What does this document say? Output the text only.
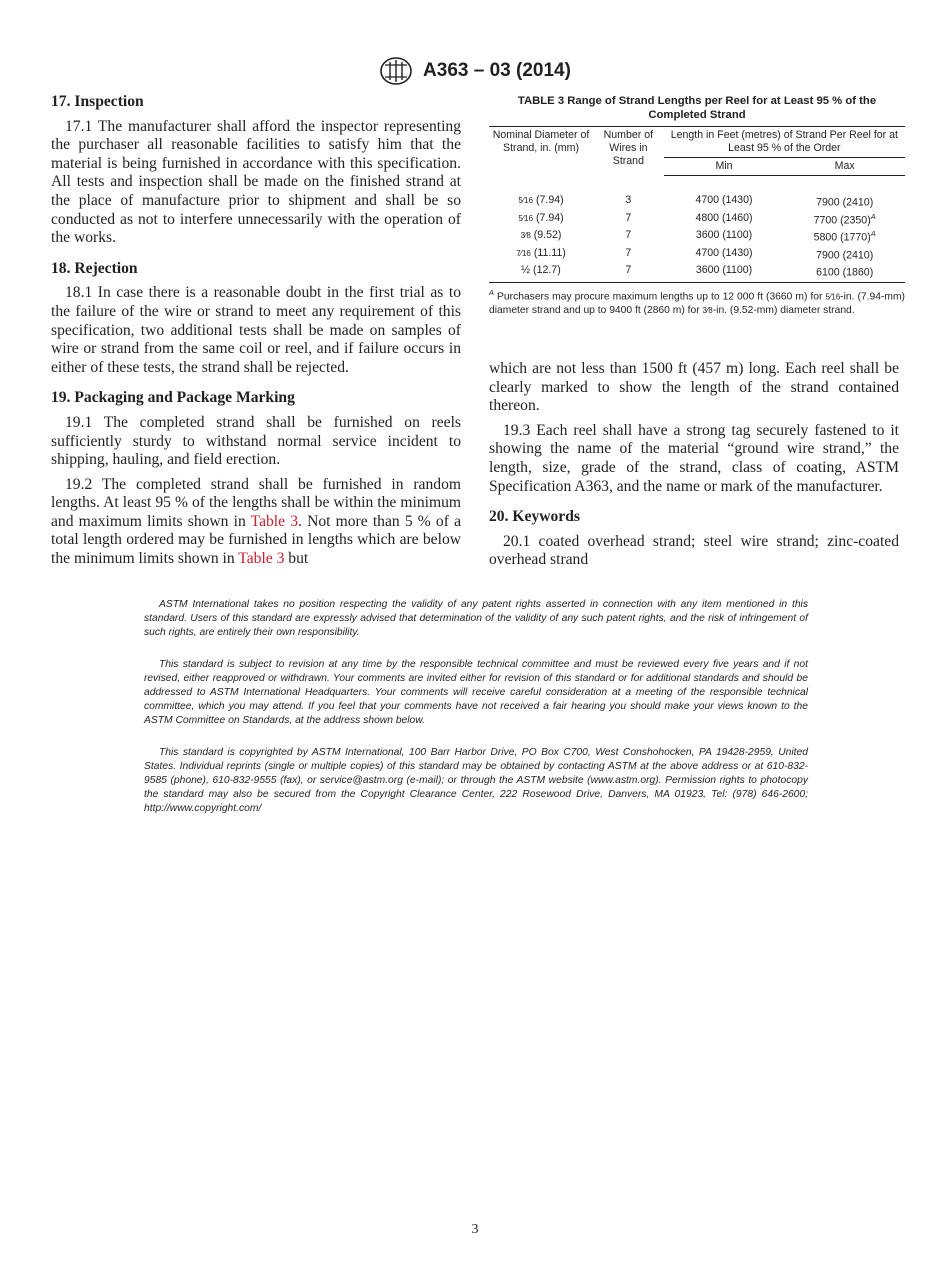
A363 – 03 (2014)
17. Inspection

17.1 The manufacturer shall afford the inspector representing the purchaser all reasonable facilities to satisfy him that the material is being furnished in accordance with this specification. All tests and inspection shall be made on the finished strand at the place of manufacture prior to shipment and shall be so conducted as not to interfere unnecessarily with the operation of the works.

18. Rejection

18.1 In case there is a reasonable doubt in the first trial as to the failure of the wire or strand to meet any requirement of this specification, two additional tests shall be made on samples of wire or strand from the same coil or reel, and if failure occurs in either of these tests, the strand shall be rejected.

19. Packaging and Package Marking

19.1 The completed strand shall be furnished on reels sufficiently sturdy to withstand normal service incident to shipping, hauling, and field erection.

19.2 The completed strand shall be furnished in random lengths. At least 95 % of the lengths shall be within the minimum and maximum limits shown in Table 3. Not more than 5 % of a total length ordered may be furnished in lengths which are below the minimum limits shown in Table 3 but

TABLE 3 Range of Strand Lengths per Reel for at Least 95 % of the Completed Strand
Nominal Diameter of Strand, in. (mm)	Number of Wires in Strand	Length in Feet (metres) of Strand Per Reel for at Least 95 % of the Order	
		Min	Max
5⁄16 (7.94)	3	4700 (1430)	7900 (2410)
5⁄16 (7.94)	7	4800 (1460)	7700 $(2350)^A$
3⁄8 (9.52)	7	3600 (1100)	5800 $(1770)^A$
7⁄16 (11.11)	7	4700 (1430)	7900 (2410)
½ (12.7)	7	3600 (1100)	6100 (1860)
$^A$ Purchasers may procure maximum lengths up to 12 000 ft (3660 m) for 5⁄16-in. (7.94-mm) diameter strand and up to 9400 ft (2860 m) for 3⁄8-in. (9.52-mm) diameter strand.

which are not less than 1500 ft (457 m) long. Each reel shall be clearly marked to show the length of the strand contained thereon.

19.3 Each reel shall have a strong tag securely fastened to it showing the name of the material “ground wire strand,” the length, size, grade of the strand, class of coating, ASTM Specification A363, and the name or mark of the manufacturer.

20. Keywords

20.1 coated overhead strand; steel wire strand; zinc-coated overhead strand

ASTM International takes no position respecting the validity of any patent rights asserted in connection with any item mentioned in this standard. Users of this standard are expressly advised that determination of the validity of any such patent rights, and the risk of infringement of such rights, are entirely their own responsibility.

This standard is subject to revision at any time by the responsible technical committee and must be reviewed every five years and if not revised, either reapproved or withdrawn. Your comments are invited either for revision of this standard or for additional standards and should be addressed to ASTM International Headquarters. Your comments will receive careful consideration at a meeting of the responsible technical committee, which you may attend. If you feel that your comments have not received a fair hearing you should make your views known to the ASTM Committee on Standards, at the address shown below.

This standard is copyrighted by ASTM International, 100 Barr Harbor Drive, PO Box C700, West Conshohocken, PA 19428-2959, United States. Individual reprints (single or multiple copies) of this standard may be obtained by contacting ASTM at the above address or at 610-832-9585 (phone), 610-832-9555 (fax), or service@astm.org (e-mail); or through the ASTM website (www.astm.org). Permission rights to photocopy the standard may also be secured from the Copyright Clearance Center, 222 Rosewood Drive, Danvers, MA 01923, Tel: (978) 646-2600; http://www.copyright.com/

3
